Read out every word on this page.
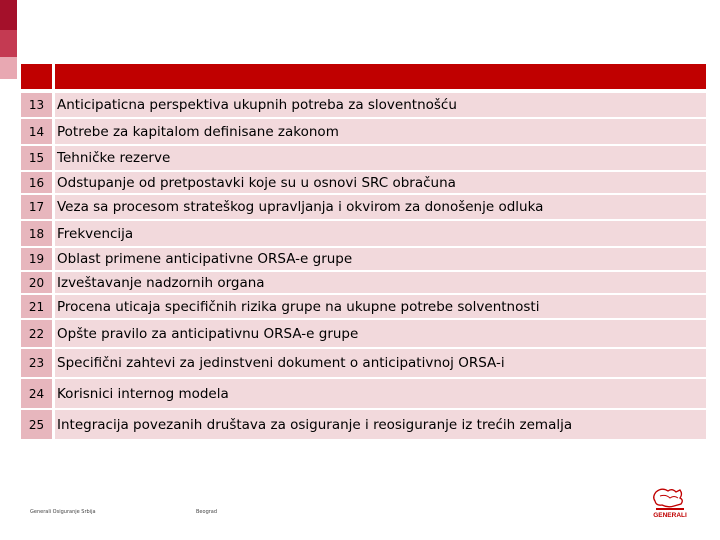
13 Anticipaticna perspektiva ukupnih potreba za sloventnošću
14 Potrebe za kapitalom definisane zakonom
15 Tehničke rezerve
16 Odstupanje od pretpostavki koje su u osnovi SRC obračuna
17 Veza sa procesom strateškog upravljanja i okvirom za donošenje odluka
18 Frekvencija
19 Oblast primene anticipativne ORSA-e grupe
20 Izveštavanje nadzornih organa
21 Procena uticaja specifičnih rizika grupe na ukupne potrebe solventnosti
22 Opšte pravilo za anticipativnu ORSA-e grupe
23 Specifični zahtevi za jedinstveni dokument o anticipativnoj ORSA-i
24 Korisnici internog modela
25 Integracija povezanih društava za osiguranje i reosiguranje iz trećih zemalja
Generali Osiguranje Srbija	Beograd	GENERALI
